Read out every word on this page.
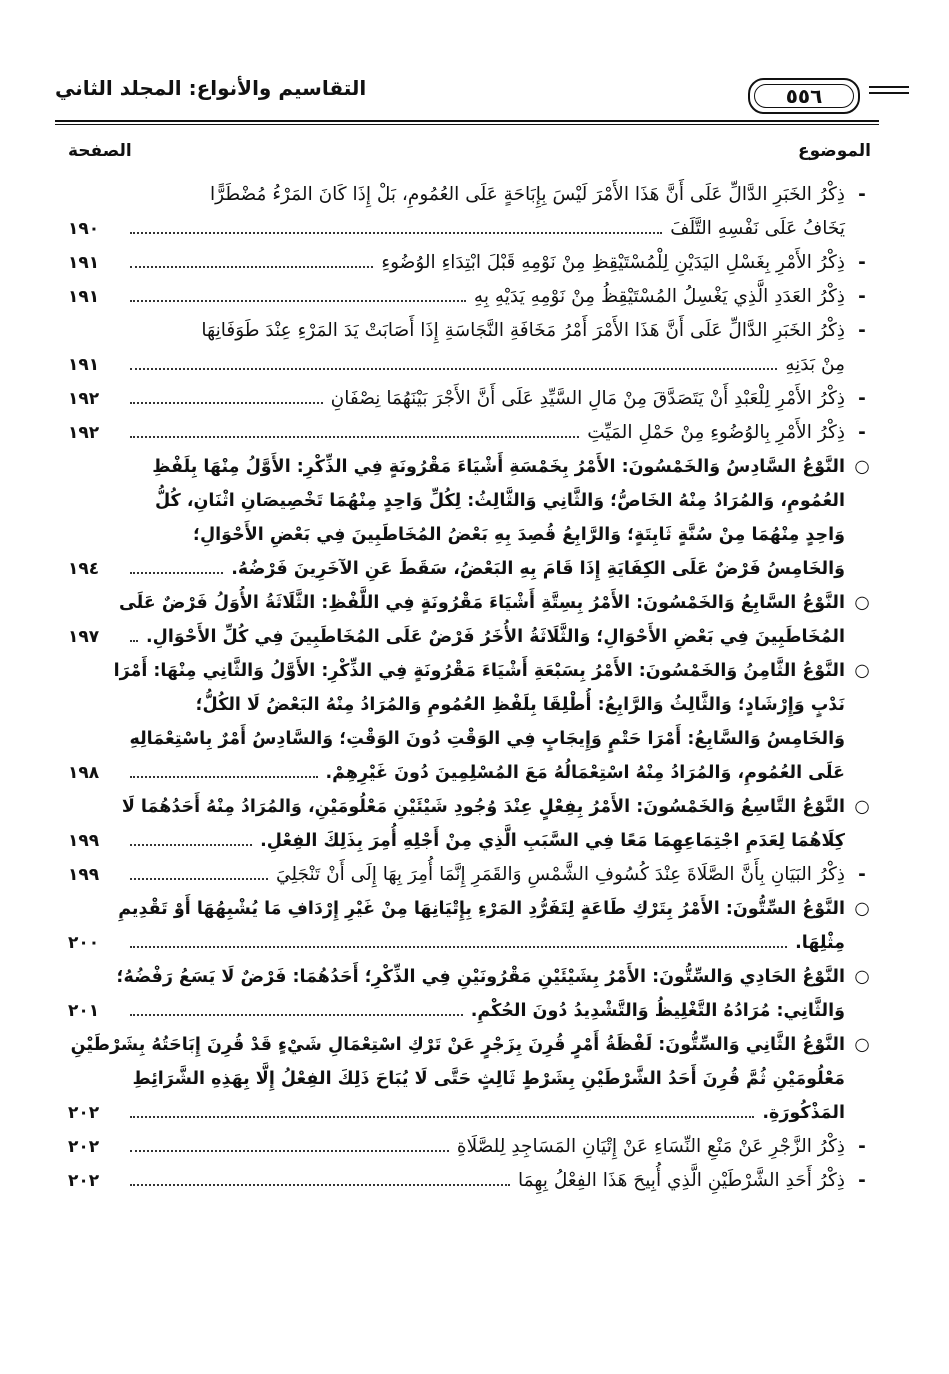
التقاسيم والأنواع: المجلد الثاني	٥٥٦
الموضوع
الصفحة
-
ذِكْرُ الخَبَرِ الدَّالِّ عَلَى أَنَّ هَذَا الأَمْرَ لَيْسَ بِإِبَاحَةٍ عَلَى العُمُومِ، بَلْ إِذَا كَانَ المَرْءُ مُضْطَرًّا
يَخَافُ عَلَى نَفْسِهِ التَّلَفَ
١٩٠
-
ذِكْرُ الأَمْرِ بِغَسْلِ اليَدَيْنِ لِلْمُسْتَيْقِظِ مِنْ نَوْمِهِ قَبْلَ ابْتِدَاءِ الوُضُوءِ
١٩١
-
ذِكْرُ العَدَدِ الَّذِي يَغْسِلُ المُسْتَيْقِظُ مِنْ نَوْمِهِ يَدَيْهِ بِهِ
١٩١
-
ذِكْرُ الخَبَرِ الدَّالِّ عَلَى أَنَّ هَذَا الأَمْرَ أَمْرُ مَخَافَةِ النَّجَاسَةِ إِذَا أَصَابَتْ يَدَ المَرْءِ عِنْدَ طَوَفَانِهَا
مِنْ بَدَنِهِ
١٩١
-
ذِكْرُ الأَمْرِ لِلْعَبْدِ أَنْ يَتَصَدَّقَ مِنْ مَالِ السَّيِّدِ عَلَى أَنَّ الأَجْرَ بَيْنَهُمَا نِصْفَانِ
١٩٢
-
ذِكْرُ الأَمْرِ بِالوُضُوءِ مِنْ حَمْلِ المَيِّتِ
١٩٢
○
النَّوْعُ السَّادِسُ وَالخَمْسُونَ: الأَمْرُ بِخَمْسَةِ أَشْيَاءَ مَقْرُونَةٍ فِي الذِّكْرِ: الأَوَّلُ مِنْهَا بِلَفْظِ
العُمُومِ، وَالمُرَادُ مِنْهُ الخَاصُّ؛ وَالثَّانِي وَالثَّالِثُ: لِكُلِّ وَاحِدٍ مِنْهُمَا تَخْصِيصَانِ اثْنَانِ، كُلُّ
وَاحِدٍ مِنْهُمَا مِنْ سُنَّةٍ ثَابِتَةٍ؛ وَالرَّابِعُ قُصِدَ بِهِ بَعْضُ المُخَاطَبِينَ فِي بَعْضِ الأَحْوَالِ؛
وَالخَامِسُ فَرْضٌ عَلَى الكِفَايَةِ إِذَا قَامَ بِهِ البَعْضُ، سَقَطَ عَنِ الآخَرِينَ فَرْضُهُ.
١٩٤
○
النَّوْعُ السَّابِعُ وَالخَمْسُونَ: الأَمْرُ بِسِتَّةِ أَشْيَاءَ مَقْرُونَةٍ فِي اللَّفْظِ: الثَّلَاثَةُ الأُوَلُ فَرْضٌ عَلَى
المُخَاطَبِينَ فِي بَعْضِ الأَحْوَالِ؛ وَالثَّلَاثَةُ الأُخَرُ فَرْضٌ عَلَى المُخَاطَبِينَ فِي كُلِّ الأَحْوَالِ.
١٩٧
○
النَّوْعُ الثَّامِنُ وَالخَمْسُونَ: الأَمْرُ بِسَبْعَةِ أَشْيَاءَ مَقْرُونَةٍ فِي الذِّكْرِ: الأَوَّلُ وَالثَّانِي مِنْهَا: أَمْرَا
نَدْبٍ وَإِرْشَادٍ؛ وَالثَّالِثُ وَالرَّابِعُ: أُطْلِقَا بِلَفْظِ العُمُومِ وَالمُرَادُ مِنْهُ البَعْضُ لَا الكُلُّ؛
وَالخَامِسُ وَالسَّابِعُ: أَمْرَا حَتْمٍ وَإِيجَابٍ فِي الوَقْتِ دُونَ الوَقْتِ؛ وَالسَّادِسُ أَمْرٌ بِاسْتِعْمَالِهِ
عَلَى العُمُومِ، وَالمُرَادُ مِنْهُ اسْتِعْمَالُهُ مَعَ المُسْلِمِينَ دُونَ غَيْرِهِمْ.
١٩٨
○
النَّوْعُ التَّاسِعُ وَالخَمْسُونَ: الأَمْرُ بِفِعْلٍ عِنْدَ وُجُودِ شَيْئَيْنِ مَعْلُومَيْنِ، وَالمُرَادُ مِنْهُ أَحَدُهُمَا لَا
كِلَاهُمَا لِعَدَمِ اجْتِمَاعِهِمَا مَعًا فِي السَّبَبِ الَّذِي مِنْ أَجْلِهِ أُمِرَ بِذَلِكَ الفِعْلِ.
١٩٩
-
ذِكْرُ البَيَانِ بِأَنَّ الصَّلَاةَ عِنْدَ كُسُوفِ الشَّمْسِ وَالقَمَرِ إِنَّمَا أُمِرَ بِهَا إِلَى أَنْ تَنْجَلِيَ
١٩٩
○
النَّوْعُ السِّتُّونَ: الأَمْرُ بِتَرْكِ طَاعَةٍ لِتَفَرُّدِ المَرْءِ بِإِتْيَانِهَا مِنْ غَيْرِ إِرْدَافِ مَا يُشْبِهُهَا أَوْ تَقْدِيمِ
مِثْلِهَا.
٢٠٠
○
النَّوْعُ الحَادِي وَالسِّتُّونَ: الأَمْرُ بِشَيْئَيْنِ مَقْرُونَيْنِ فِي الذِّكْرِ؛ أَحَدُهُمَا: فَرْضٌ لَا يَسَعُ رَفْضُهُ؛
وَالثَّانِي: مُرَادُهُ التَّغْلِيظُ وَالتَّشْدِيدُ دُونَ الحُكْمِ.
٢٠١
○
النَّوْعُ الثَّانِي وَالسِّتُّونَ: لَفْظَةُ أَمْرٍ قُرِنَ بِزَجْرٍ عَنْ تَرْكِ اسْتِعْمَالِ شَيْءٍ قَدْ قُرِنَ إِبَاحَتُهُ بِشَرْطَيْنِ
مَعْلُومَيْنِ ثُمَّ قُرِنَ أَحَدُ الشَّرْطَيْنِ بِشَرْطٍ ثَالِثٍ حَتَّى لَا يُبَاحَ ذَلِكَ الفِعْلُ إِلَّا بِهَذِهِ الشَّرَائِطِ
المَذْكُورَةِ.
٢٠٢
-
ذِكْرُ الزَّجْرِ عَنْ مَنْعِ النِّسَاءِ عَنْ إِتْيَانِ المَسَاجِدِ لِلصَّلَاةِ
٢٠٢
-
ذِكْرُ أَحَدِ الشَّرْطَيْنِ الَّذِي أُبِيحَ هَذَا الفِعْلُ بِهِمَا
٢٠٢
